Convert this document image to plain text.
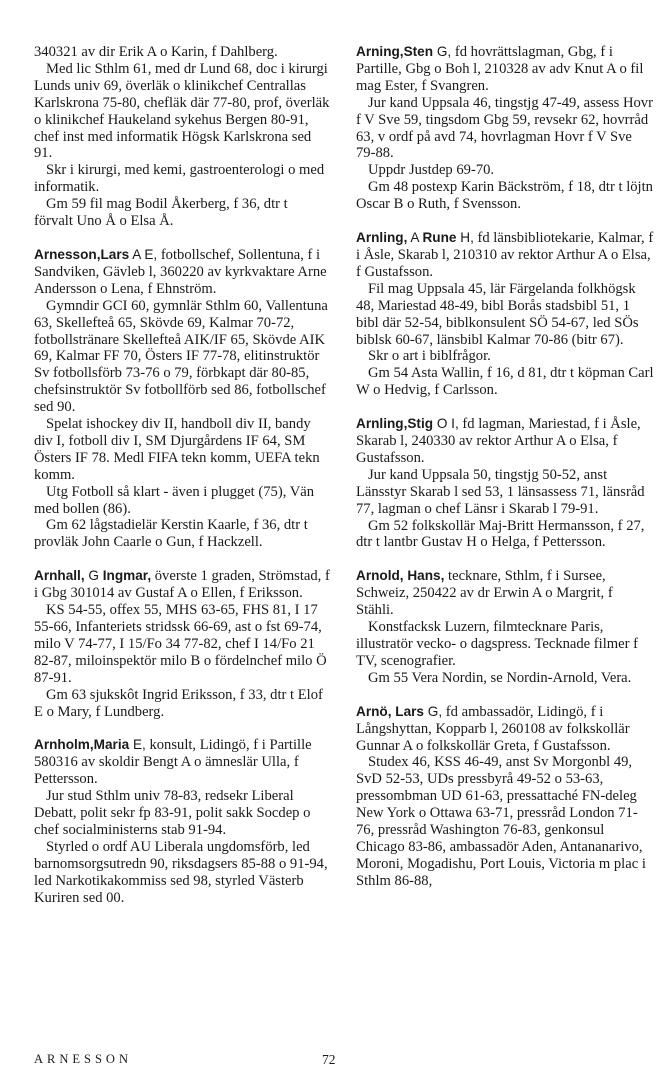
340321 av dir Erik A o Karin, f Dahlberg.

Med lic Sthlm 61, med dr Lund 68, doc i kirurgi Lunds univ 69, överläk o klinikchef Centrallas Karlskrona 75-80, chefläk där 77-80, prof, överläk o klinikchef Haukeland sykehus Bergen 80-91, chef inst med informatik Högsk Karlskrona sed 91.

Skr i kirurgi, med kemi, gastroenterologi o med informatik.

Gm 59 fil mag Bodil Åkerberg, f 36, dtr t förvalt Uno Å o Elsa Å.

Arnesson,Lars A E, fotbollschef, Sollentuna, f i Sandviken, Gävleb l, 360220 av kyrkvaktare Arne Andersson o Lena, f Ehnström.

Gymndir GCI 60, gymnlär Sthlm 60, Vallentuna 63, Skellefteå 65, Skövde 69, Kalmar 70-72, fotbollstränare Skellefteå AIK/IF 65, Skövde AIK 69, Kalmar FF 70, Östers IF 77-78, elitinstruktör Sv fotbollsförb 73-76 o 79, förbkapt där 80-85, chefsinstruktör Sv fotbollförb sed 86, fotbollschef sed 90.

Spelat ishockey div II, handboll div II, bandy div I, fotboll div I, SM Djurgårdens IF 64, SM Östers IF 78. Medl FIFA tekn komm, UEFA tekn komm.

Utg Fotboll så klart - även i plugget (75), Vän med bollen (86).

Gm 62 lågstadielär Kerstin Kaarle, f 36, dtr t provläk John Caarle o Gun, f Hackzell.

Arnhall, G Ingmar, överste 1 graden, Strömstad, f i Gbg 301014 av Gustaf A o Ellen, f Eriksson.

KS 54-55, offex 55, MHS 63-65, FHS 81, I 17 55-66, Infanteriets stridssk 66-69, ast o fst 69-74, milo V 74-77, I 15/Fo 34 77-82, chef I 14/Fo 21 82-87, miloinspektör milo B o fördelnchef milo Ö 87-91.

Gm 63 sjukskôt Ingrid Eriksson, f 33, dtr t Elof E o Mary, f Lundberg.

Arnholm,Maria E, konsult, Lidingö, f i Partille 580316 av skoldir Bengt A o ämneslär Ulla, f Pettersson.

Jur stud Sthlm univ 78-83, redsekr Liberal Debatt, polit sekr fp 83-91, polit sakk Socdep o chef socialministerns stab 91-94.

Styrled o ordf AU Liberala ungdomsförb, led barnomsorgsutredn 90, riksdagsers 85-88 o 91-94, led Narkotikakommiss sed 98, styrled Västerb Kuriren sed 00.

Arning,Sten G, fd hovrättslagman, Gbg, f i Partille, Gbg o Boh l, 210328 av adv Knut A o fil mag Ester, f Svangren.

Jur kand Uppsala 46, tingstjg 47-49, assess Hovr f V Sve 59, tingsdom Gbg 59, revsekr 62, hovrråd 63, v ordf på avd 74, hovrlagman Hovr f V Sve 79-88.

Uppdr Justdep 69-70.

Gm 48 postexp Karin Bäckström, f 18, dtr t löjtn Oscar B o Ruth, f Svensson.

Arnling, A Rune H, fd länsbibliotekarie, Kalmar, f i Åsle, Skarab l, 210310 av rektor Arthur A o Elsa, f Gustafsson.

Fil mag Uppsala 45, lär Färgelanda folkhögsk 48, Mariestad 48-49, bibl Borås stadsbibl 51, 1 bibl där 52-54, biblkonsulent SÖ 54-67, led SÖs biblsk 60-67, länsbibl Kalmar 70-86 (bitr 67).

Skr o art i biblfrågor.

Gm 54 Asta Wallin, f 16, d 81, dtr t köpman Carl W o Hedvig, f Carlsson.

Arnling,Stig O I, fd lagman, Mariestad, f i Åsle, Skarab l, 240330 av rektor Arthur A o Elsa, f Gustafsson.

Jur kand Uppsala 50, tingstjg 50-52, anst Länsstyr Skarab l sed 53, 1 länsassess 71, länsråd 77, lagman o chef Länsr i Skarab l 79-91.

Gm 52 folkskollär Maj-Britt Hermansson, f 27, dtr t lantbr Gustav H o Helga, f Pettersson.

Arnold, Hans, tecknare, Sthlm, f i Sursee, Schweiz, 250422 av dr Erwin A o Margrit, f Stähli.

Konstfacksk Luzern, filmtecknare Paris, illustratör vecko- o dagspress. Tecknade filmer f TV, scenografier.

Gm 55 Vera Nordin, se Nordin-Arnold, Vera.

Arnö, Lars G, fd ambassadör, Lidingö, f i Långshyttan, Kopparb l, 260108 av folkskollär Gunnar A o folkskollär Greta, f Gustafsson.

Studex 46, KSS 46-49, anst Sv Morgonbl 49, SvD 52-53, UDs pressbyrå 49-52 o 53-63, pressombman UD 61-63, pressattaché FN-deleg New York o Ottawa 63-71, pressråd London 71-76, pressråd Washington 76-83, genkonsul Chicago 83-86, ambassadör Aden, Antananarivo, Moroni, Mogadishu, Port Louis, Victoria m plac i Sthlm 86-88,

ARNESSON	72
